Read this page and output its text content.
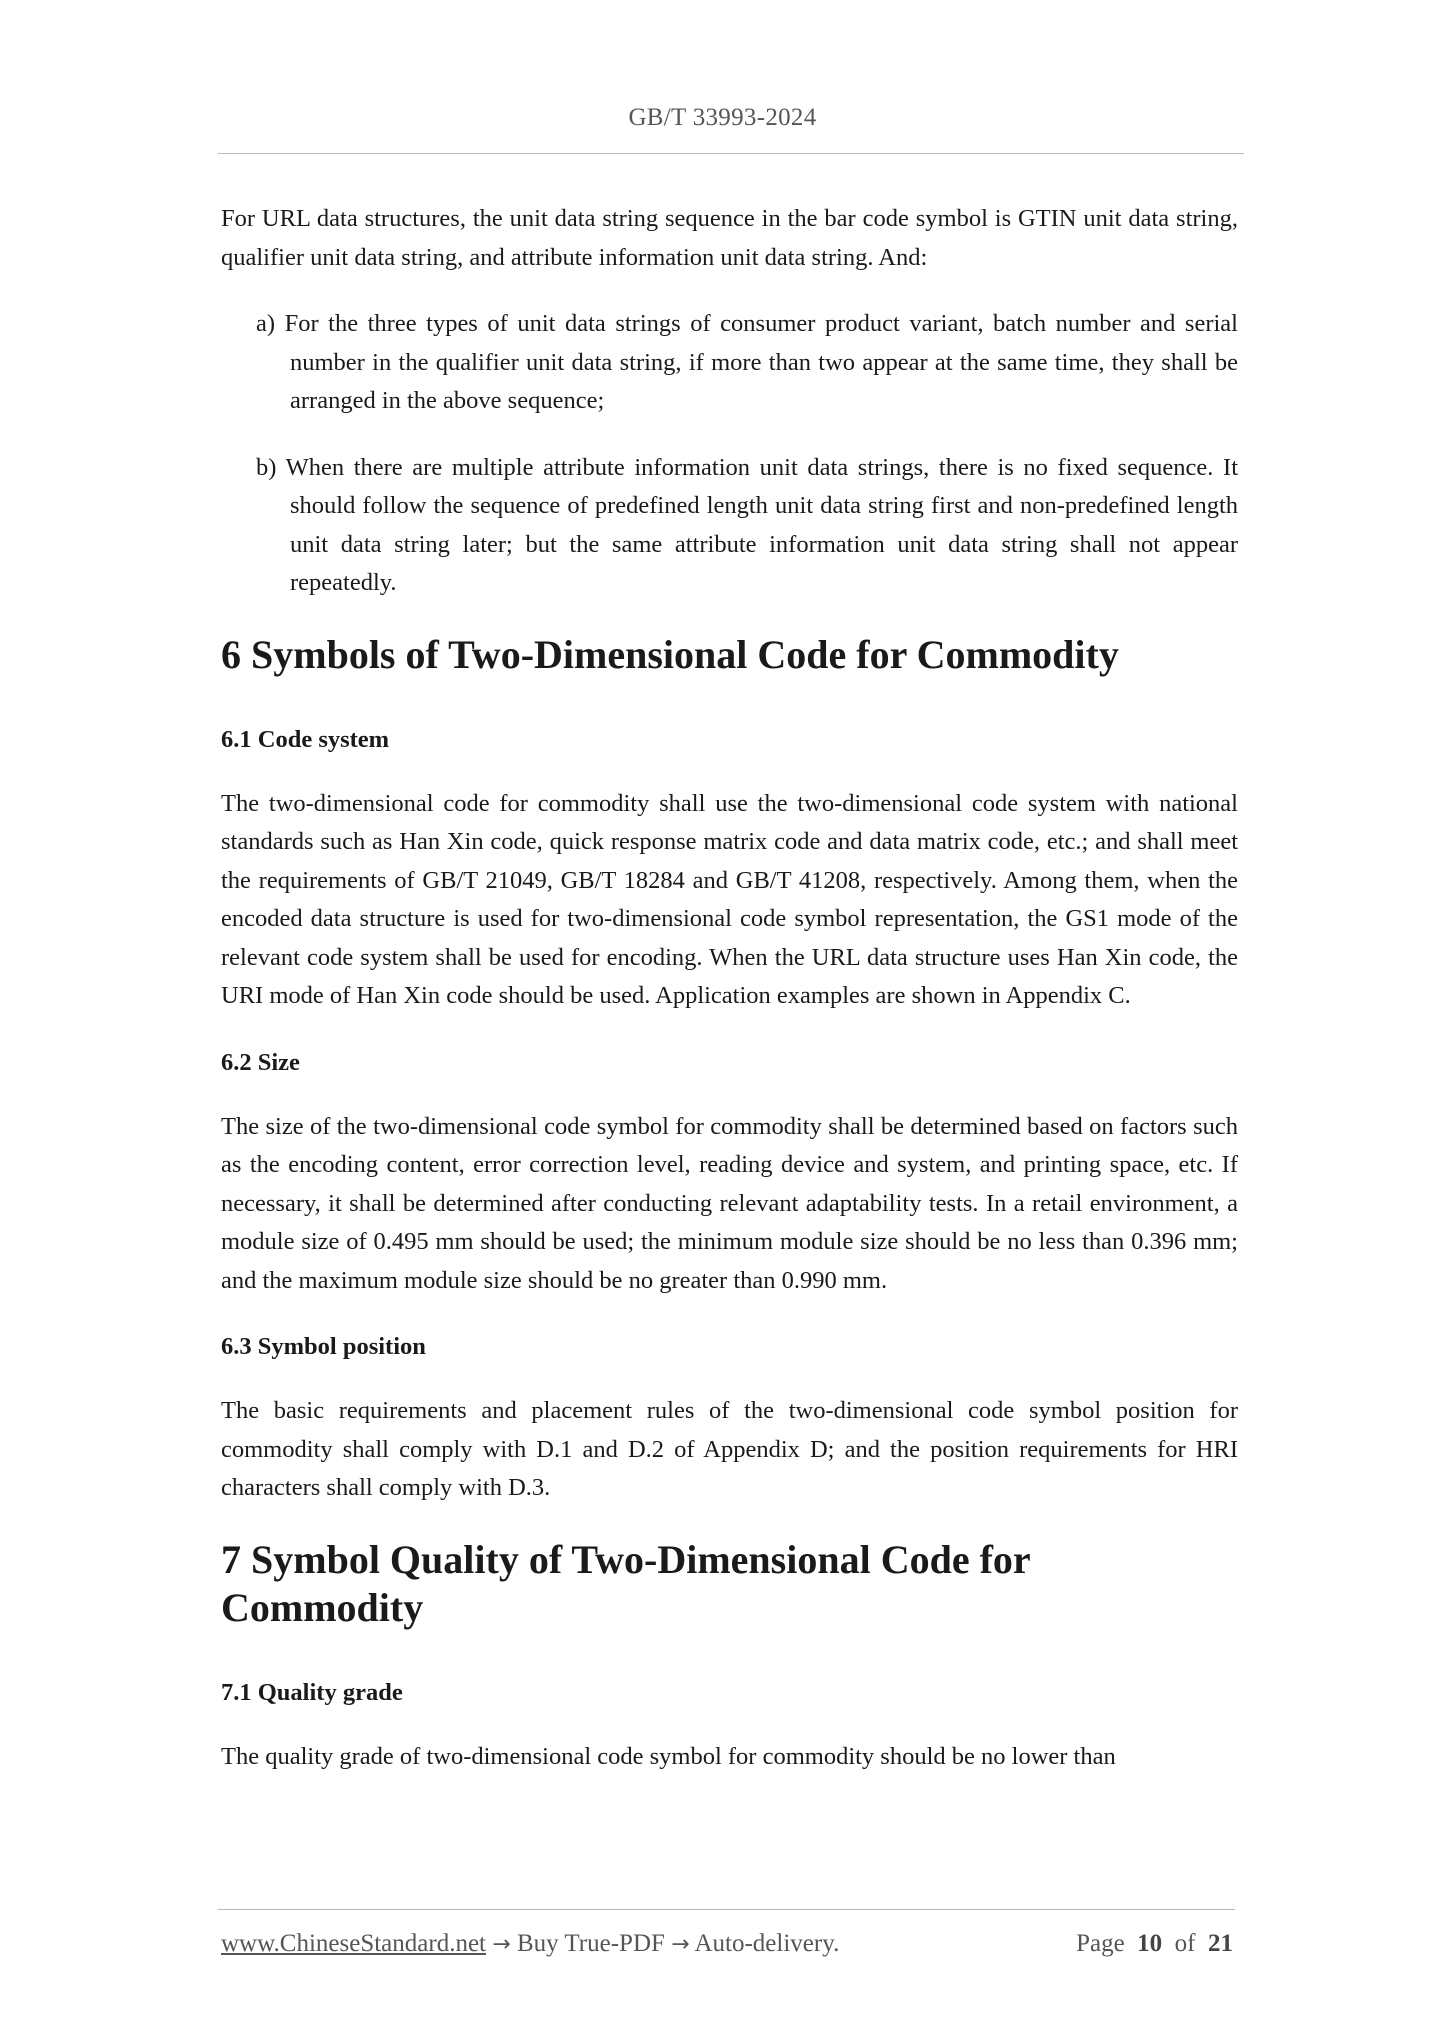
GB/T 33993-2024

For URL data structures, the unit data string sequence in the bar code symbol is GTIN unit data string, qualifier unit data string, and attribute information unit data string. And:

a) For the three types of unit data strings of consumer product variant, batch number and serial number in the qualifier unit data string, if more than two appear at the same time, they shall be arranged in the above sequence;

b) When there are multiple attribute information unit data strings, there is no fixed sequence. It should follow the sequence of predefined length unit data string first and non-predefined length unit data string later; but the same attribute information unit data string shall not appear repeatedly.

6 Symbols of Two-Dimensional Code for Commodity
6.1 Code system

The two-dimensional code for commodity shall use the two-dimensional code system with national standards such as Han Xin code, quick response matrix code and data matrix code, etc.; and shall meet the requirements of GB/T 21049, GB/T 18284 and GB/T 41208, respectively. Among them, when the encoded data structure is used for two-dimensional code symbol representation, the GS1 mode of the relevant code system shall be used for encoding. When the URL data structure uses Han Xin code, the URI mode of Han Xin code should be used. Application examples are shown in Appendix C.

6.2 Size

The size of the two-dimensional code symbol for commodity shall be determined based on factors such as the encoding content, error correction level, reading device and system, and printing space, etc. If necessary, it shall be determined after conducting relevant adaptability tests. In a retail environment, a module size of 0.495 mm should be used; the minimum module size should be no less than 0.396 mm; and the maximum module size should be no greater than 0.990 mm.

6.3 Symbol position

The basic requirements and placement rules of the two-dimensional code symbol position for commodity shall comply with D.1 and D.2 of Appendix D; and the position requirements for HRI characters shall comply with D.3.

7 Symbol Quality of Two-Dimensional Code for Commodity
7.1 Quality grade

The quality grade of two-dimensional code symbol for commodity should be no lower than

www.ChineseStandard.net → Buy True-PDF → Auto-delivery.	Page 10 of 21
